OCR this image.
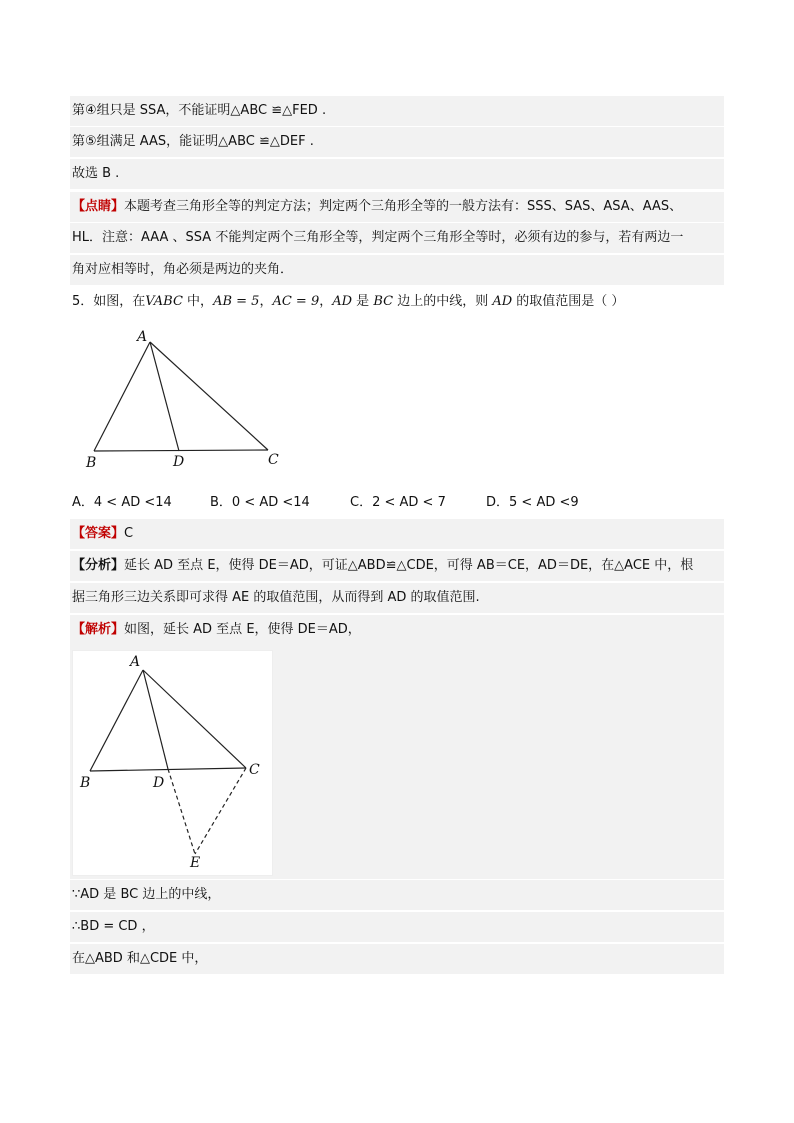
第④组只是 SSA，不能证明△ABC ≌△FED .
第⑤组满足 AAS，能证明△ABC ≌△DEF .
故选 B .
【点睛】本题考查三角形全等的判定方法；判定两个三角形全等的一般方法有：SSS、SAS、ASA、AAS、
HL．注意：AAA 、SSA 不能判定两个三角形全等，判定两个三角形全等时，必须有边的参与，若有两边一
角对应相等时，角必须是两边的夹角．
5．如图，在VABC 中，AB = 5，AC = 9，AD 是 BC 边上的中线，则 AD 的取值范围是（ ）
A
B	D	C
A．4 < AD <14	B．0 < AD <14	C．2 < AD < 7	D．5 < AD <9
【答案】C
【分析】延长 AD 至点 E，使得 DE＝AD，可证△ABD≌△CDE，可得 AB＝CE，AD＝DE，在△ACE 中，根
据三角形三边关系即可求得 AE 的取值范围，从而得到 AD 的取值范围.
【解析】如图，延长 AD 至点 E，使得 DE＝AD，
A
B	D
C
E
∵AD 是 BC 边上的中线，
∴BD = CD ，
在△ABD 和△CDE 中，
